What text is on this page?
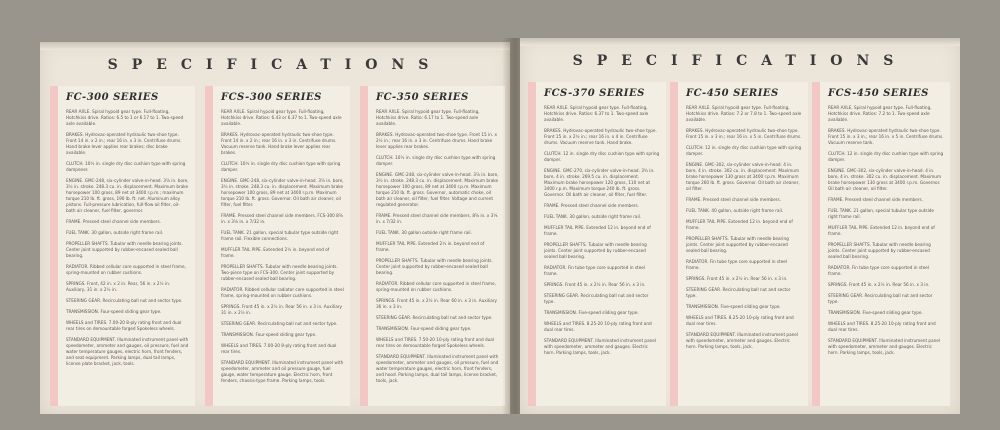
SPECIFICATIONS
FC-300 SERIES

REAR AXLE. Spiral hypoid gear type. Full-floating, Hotchkiss drive. Ratios: 6.5 to 1 or 6.17 to 1. Two-speed axle available.

BRAKES. Hydrovac-operated hydraulic two-shoe type. Front 14 in. x 2 in.; rear 16 in. x 3 in. Centrifuse drums. Hand brake lever applies rear brakes; disc brake available.

CLUTCH. 10½ in. single dry disc cushion type with spring dampener.

ENGINE. GMC-248, six-cylinder valve-in-head. 3⅞ in. bore, 3½ in. stroke. 248.3 cu. in. displacement. Maximum brake horsepower 100 gross, 89 net at 3400 r.p.m.; maximum torque 210 lb. ft. gross, 190 lb. ft. net. Aluminum alloy pistons. Full-pressure lubrication, full-flow oil filter, oil-bath air cleaner, fuel filter, governor.

FRAME. Pressed steel channel side members.

FUEL TANK. 30 gallon, outside right frame rail.

PROPELLER SHAFTS. Tubular with needle bearing joints. Center joint supported by rubber-encased sealed ball bearing.

RADIATOR. Ribbed cellular core supported in steel frame, spring-mounted on rubber cushions.

SPRINGS. Front, 42 in. x 2 in. Rear, 56 in. x 2½ in. Auxiliary, 31 in. x 2½ in.

STEERING GEAR. Recirculating ball nut and sector type.

TRANSMISSION. Four-speed sliding gear type.

WHEELS and TIRES. 7.00-20 8-ply rating front and dual rear tires on demountable forged Spokeless wheels.

STANDARD EQUIPMENT. Illuminated instrument panel with speedometer, ammeter and gauges, oil pressure, fuel and water temperature gauges, electric horn, front fenders, and seat equipment. Parking lamps, dual tail lamps, license plate bracket, jack, tools.

FCS-300 SERIES

REAR AXLE. Spiral hypoid gear type. Full-floating, Hotchkiss drive. Ratios: 6.43 or 6.37 to 1. Two-speed axle available.

BRAKES. Hydrovac-operated hydraulic two-shoe type. Front 14 in. x 2 in.; rear 16 in. x 3 in. Centrifuse drums. Vacuum reserve tank. Hand brake lever applies rear brakes.

CLUTCH. 10½ in. single dry disc cushion type with spring damper.

ENGINE. GMC-248, six-cylinder valve-in-head. 3⅞ in. bore, 3½ in. stroke. 248.3 cu. in. displacement. Maximum brake horsepower 100 gross, 89 net at 3400 r.p.m. Maximum torque 210 lb. ft. gross. Governor. Oil bath air cleaner, oil filter, fuel filter.

FRAME. Pressed steel channel side members. FCS-300 8⅝ in. x 3⅛ in. x 7/32 in.

FUEL TANK. 21 gallon, special tubular type outside right frame rail. Flexible connections.

MUFFLER TAIL PIPE. Extended 2½ in. beyond end of frame.

PROPELLER SHAFTS. Tubular with needle bearing joints. Two-piece type on FCS-300. Center joint supported by rubber-encased sealed ball bearing.

RADIATOR. Ribbed cellular radiator core supported in steel frame, spring-mounted on rubber cushions.

SPRINGS. Front 45 in. x 2½ in. Rear 56 in. x 3 in. Auxiliary 31 in. x 2½ in.

STEERING GEAR. Recirculating ball nut and sector type.

TRANSMISSION. Four-speed sliding gear type.

WHEELS and TIRES. 7.00-20 8-ply rating front and dual rear tires.

STANDARD EQUIPMENT. Illuminated instrument panel with speedometer, ammeter and oil pressure gauge, fuel gauge, water temperature gauge. Electric horn, front fenders, chassis-type frame. Parking lamps, tools.

FC-350 SERIES

REAR AXLE. Spiral hypoid gear type. Full-floating, Hotchkiss drive. Ratio: 6.17 to 1. Two-speed axle available.

BRAKES. Hydrovac-operated two-shoe type. Front 15 in. x 2½ in.; rear 16 in. x 3 in. Centrifuse drums. Hand brake lever applies rear brakes.

CLUTCH. 10½ in. single dry disc cushion type with spring damper.

ENGINE. GMC-248, six-cylinder valve-in-head. 3⅞ in. bore, 3½ in. stroke. 248.3 cu. in. displacement. Maximum brake horsepower 100 gross, 89 net at 3400 r.p.m. Maximum torque 210 lb. ft. gross. Governor, automatic choke, oil bath air cleaner, oil filter, fuel filter. Voltage and current regulated generator.

FRAME. Pressed steel channel side members. 8⅝ in. x 3⅛ in. x 7/32 in.

FUEL TANK. 30 gallon outside right frame rail.

MUFFLER TAIL PIPE. Extended 2½ in. beyond end of frame.

PROPELLER SHAFTS. Tubular with needle bearing joints. Center joint supported by rubber-encased sealed ball bearing.

RADIATOR. Ribbed cellular core supported in steel frame, spring-mounted on rubber cushions.

SPRINGS. Front 45 in. x 2½ in. Rear 60 in. x 3 in. Auxiliary 36 in. x 3 in.

STEERING GEAR. Recirculating ball nut and sector type.

TRANSMISSION. Four-speed sliding gear type.

WHEELS and TIRES. 7.50-20 10-ply rating front and dual rear tires on demountable forged Spokeless wheels.

STANDARD EQUIPMENT. Illuminated instrument panel with speedometer, ammeter and gauges, oil pressure, fuel and water temperature gauges, electric horn, front fenders, and hood. Parking lamps, dual tail lamps, license bracket, tools, jack.

SPECIFICATIONS
FCS-370 SERIES

REAR AXLE. Spiral hypoid gear type. Full-floating, Hotchkiss drive. Ratios: 6.37 to 1. Two-speed axle available.

BRAKES. Hydrovac-operated hydraulic two-shoe type. Front 15 in. x 2½ in.; rear 16 in. x 4 in. Centrifuse drums. Vacuum reserve tank. Hand brake.

CLUTCH. 12 in. single dry disc cushion type with spring damper.

ENGINE. GMC-270, six-cylinder valve-in-head. 3¾ in. bore, 4 in. stroke. 269.5 cu. in. displacement. Maximum brake horsepower 120 gross, 110 net at 3400 r.p.m. Maximum torque 240 lb. ft. gross. Governor. Oil bath air cleaner, oil filter, fuel filter.

FRAME. Pressed steel channel side members.

FUEL TANK. 30 gallon, outside right frame rail.

MUFFLER TAIL PIPE. Extended 12 in. beyond end of frame.

PROPELLER SHAFTS. Tubular with needle bearing joints. Center joint supported by rubber-encased sealed ball bearing.

RADIATOR. Fin tube type core supported in steel frame.

SPRINGS. Front 45 in. x 2½ in. Rear 56 in. x 3 in.

STEERING GEAR. Recirculating ball nut and sector type.

TRANSMISSION. Five-speed sliding gear type.

WHEELS and TIRES. 8.25-20 10-ply rating front and dual rear tires.

STANDARD EQUIPMENT. Illuminated instrument panel with speedometer, ammeter and gauges. Electric horn. Parking lamps, tools, jack.

FC-450 SERIES

REAR AXLE. Spiral hypoid gear type. Full-floating, Hotchkiss drive. Ratios: 7.2 or 7.8 to 1. Two-speed axle available.

BRAKES. Hydrovac-operated hydraulic two-shoe type. Front 15 in. x 3 in.; rear 16 in. x 5 in. Centrifuse drums.

CLUTCH. 12 in. single dry disc cushion type with spring damper.

ENGINE. GMC-302, six-cylinder valve-in-head. 4 in. bore, 4 in. stroke. 302 cu. in. displacement. Maximum brake horsepower 130 gross at 3400 r.p.m. Maximum torque 260 lb. ft. gross. Governor. Oil bath air cleaner, oil filter.

FRAME. Pressed steel channel side members.

FUEL TANK. 40 gallon, outside right frame rail.

MUFFLER TAIL PIPE. Extended 12 in. beyond end of frame.

PROPELLER SHAFTS. Tubular with needle bearing joints. Center joint supported by rubber-encased sealed ball bearing.

RADIATOR. Fin tube type core supported in steel frame.

SPRINGS. Front 45 in. x 2½ in. Rear 56 in. x 3 in.

STEERING GEAR. Recirculating ball nut and sector type.

TRANSMISSION. Five-speed sliding gear type.

WHEELS and TIRES. 8.25-20 10-ply rating front and dual rear tires.

STANDARD EQUIPMENT. Illuminated instrument panel with speedometer, ammeter and gauges. Electric horn. Parking lamps, tools, jack.

FCS-450 SERIES

REAR AXLE. Spiral hypoid gear type. Full-floating, Hotchkiss drive. Ratios: 7.2 to 1. Two-speed axle available.

BRAKES. Hydrovac-operated hydraulic two-shoe type. Front 15 in. x 3 in.; rear 16 in. x 5 in. Centrifuse drums. Vacuum reserve tank.

CLUTCH. 12 in. single dry disc cushion type with spring damper.

ENGINE. GMC-302, six-cylinder valve-in-head. 4 in. bore, 4 in. stroke. 302 cu. in. displacement. Maximum brake horsepower 130 gross at 3400 r.p.m. Governor. Oil bath air cleaner, oil filter.

FRAME. Pressed steel channel side members.

FUEL TANK. 21 gallon, special tubular type outside right frame rail.

MUFFLER TAIL PIPE. Extended 12 in. beyond end of frame.

PROPELLER SHAFTS. Tubular with needle bearing joints. Center joint supported by rubber-encased sealed ball bearing.

RADIATOR. Fin tube type core supported in steel frame.

SPRINGS. Front 45 in. x 2½ in. Rear 56 in. x 3 in.

STEERING GEAR. Recirculating ball nut and sector type.

TRANSMISSION. Five-speed sliding gear type.

WHEELS and TIRES. 8.25-20 10-ply rating front and dual rear tires.

STANDARD EQUIPMENT. Illuminated instrument panel with speedometer, ammeter and gauges. Electric horn. Parking lamps, tools, jack.
